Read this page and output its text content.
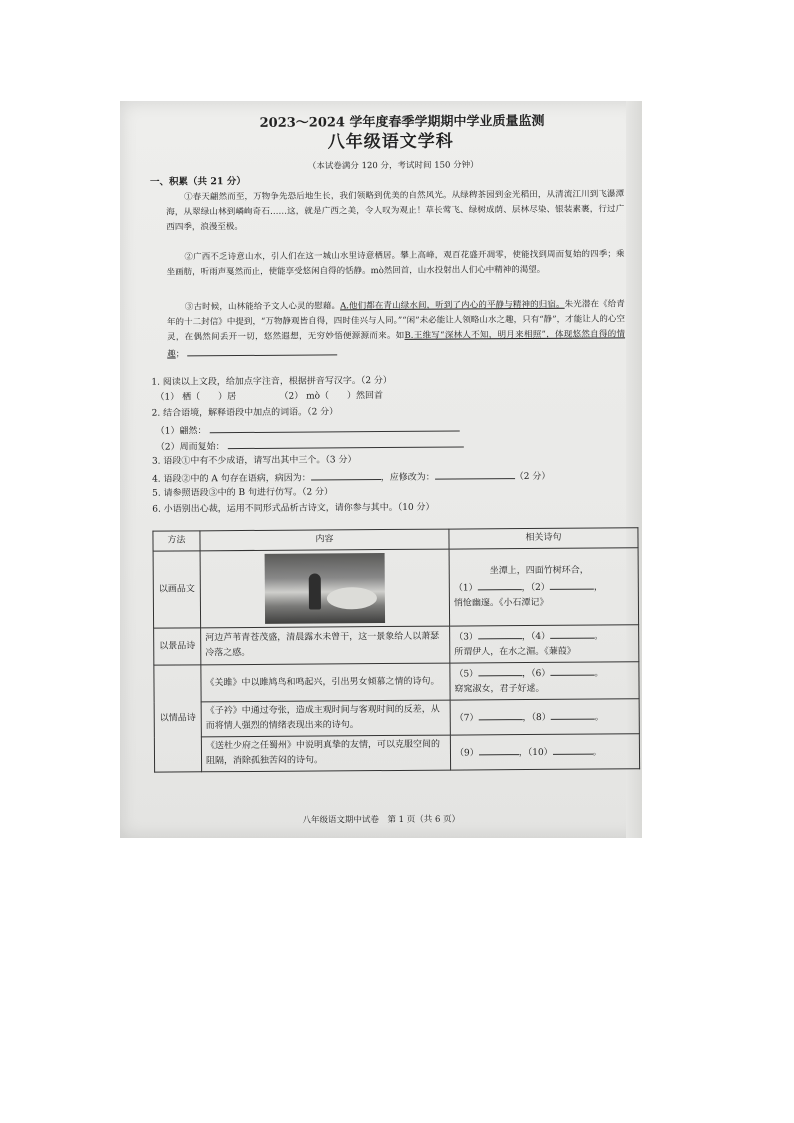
2023～2024 学年度春季学期期中学业质量监测
八年级语文学科
（本试卷满分 120 分，考试时间 150 分钟）
一、积累（共 21 分）
①春天翩然而至，万物争先恐后地生长，我们领略到优美的自然风光。从绿稗茶园到金光稻田，从清流江川到飞瀑潭海，从翠绿山林到嶙峋奇石……这，就是广西之美，令人叹为观止！草长莺飞、绿树成荫、层林尽染、银装素裹，行过广西四季，浪漫至极。
②广西不乏诗意山水，引人们在这一城山水里诗意栖居。攀上高峰，观百花盛开凋零，使能找到周而复始的四季；乘坐画舫，听雨声戛然而止，使能享受悠闲自得的恬静。mò然回首，山水投射出人们心中精神的渴望。
③古时候，山林能给予文人心灵的慰藉。A.他们都在青山绿水间，听到了内心的平静与精神的归宿。朱光潜在《给青年的十二封信》中提到，“万物静观皆自得，四时佳兴与人同。”“闲”未必能让人领略山水之趣，只有“静”，才能让人的心空灵，在偶然间丢开一切，悠然遐想，无穷妙悟便源源而来。如B.王维写“深林人不知，明月来相照”，体现悠然自得的情趣；
1. 阅读以上文段，给加点字注音，根据拼音写汉字。（2 分）
（1） 栖（　　）居	（2） mò（　　）然回首
2. 结合语境，解释语段中加点的词语。（2 分）
（1）翩然：
（2）周而复始：
3. 语段①中有不少成语，请写出其中三个。（3 分）
4. 语段②中的 A 句存在语病，病因为：	，应修改为：	（2 分）
5. 请参照语段③中的 B 句进行仿写。（2 分）
6. 小语别出心裁，运用不同形式品析古诗文，请你参与其中。（10 分）
方法	内容	相关诗句
以画品文		坐潭上，四面竹树环合，
（1） ，（2） ，
悄怆幽邃。《小石潭记》

以景品诗	河边芦苇青苍茂盛，清晨露水未曾干，这一景象给人以萧瑟冷落之感。	（3） ，（4） 。
所谓伊人，在水之湄。《蒹葭》

以情品诗	《关雎》中以雎鸠鸟和鸣起兴，引出男女倾慕之情的诗句。	（5） ，（6） 。
窈窕淑女，君子好逑。

	《子衿》中通过夸张，造成主观时间与客观时间的反差，从而将情人强烈的情绪表现出来的诗句。	（7） ，（8） 。

	《送杜少府之任蜀州》中说明真挚的友情，可以克服空间的阻隔，消除孤独苦闷的诗句。	（9） ，（10） 。
八年级语文期中试卷　第 1 页（共 6 页）
